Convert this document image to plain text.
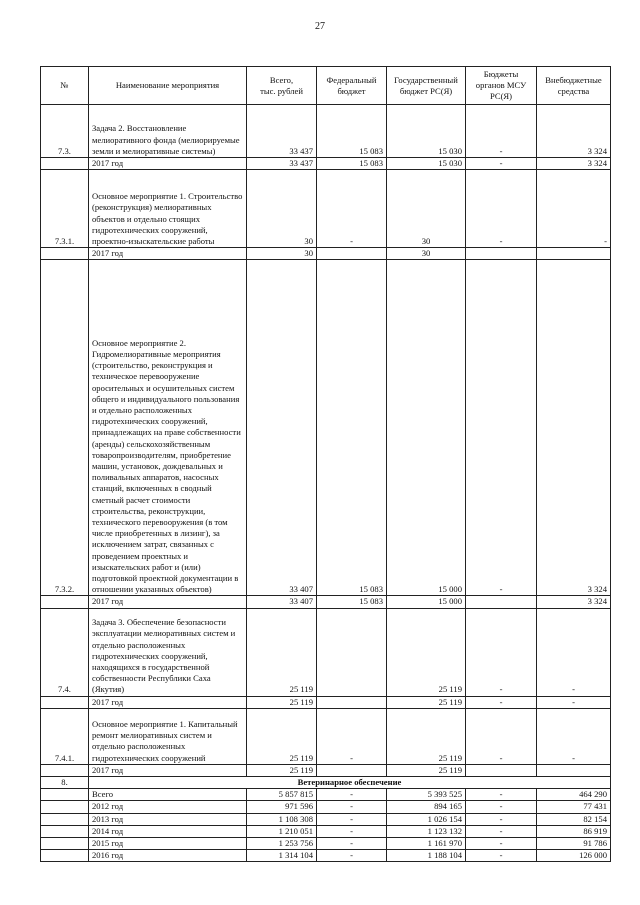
27
№	Наименование мероприятия	Всего,
тыс. рублей	Федеральный бюджет	Государственный бюджет РС(Я)	Бюджеты органов МСУ РС(Я)	Внебюджетные средства
7.3.	Задача 2. Восстановление мелиоративного фонда (мелиорируемые земли и мелиоративные системы)	33 437	15 083	15 030	-	3 324
	2017 год	33 437	15 083	15 030	-	3 324
7.3.1.	Основное мероприятие 1. Строительство (реконструкция) мелиоративных объектов и отдельно стоящих гидротехнических сооружений, проектно-изыскательские работы	30	-	30	-	-
	2017 год	30		30		
7.3.2.	Основное мероприятие 2. Гидромелиоративные мероприятия (строительство, реконструкция и техническое перевооружение оросительных и осушительных систем общего и индивидуального пользования и отдельно расположенных гидротехнических сооружений, принадлежащих на праве собственности (аренды) сельскохозяйственным товаропроизводителям, приобретение машин, установок, дождевальных и поливальных аппаратов, насосных станций, включенных в сводный сметный расчет стоимости строительства, реконструкции, технического перевооружения (в том числе приобретенных в лизинг), за исключением затрат, связанных с проведением проектных и изыскательских работ и (или) подготовкой проектной документации в отношении указанных объектов)	33 407	15 083	15 000	-	3 324
	2017 год	33 407	15 083	15 000		3 324
7.4.	Задача 3. Обеспечение безопасности эксплуатации мелиоративных систем и отдельно расположенных гидротехнических сооружений, находящихся в государственной собственности Республики Саха (Якутия)	25 119		25 119	-	-
	2017 год	25 119		25 119	-	-
7.4.1.	Основное мероприятие 1. Капитальный ремонт мелиоративных систем и отдельно расположенных гидротехнических сооружений	25 119	-	25 119	-	-
	2017 год	25 119		25 119		
8.	Ветеринарное обеспечение					
	Всего	5 857 815	-	5 393 525	-	464 290
	2012 год	971 596	-	894 165	-	77 431
	2013 год	1 108 308	-	1 026 154	-	82 154
	2014 год	1 210 051	-	1 123 132	-	86 919
	2015 год	1 253 756	-	1 161 970	-	91 786
	2016 год	1 314 104	-	1 188 104	-	126 000
